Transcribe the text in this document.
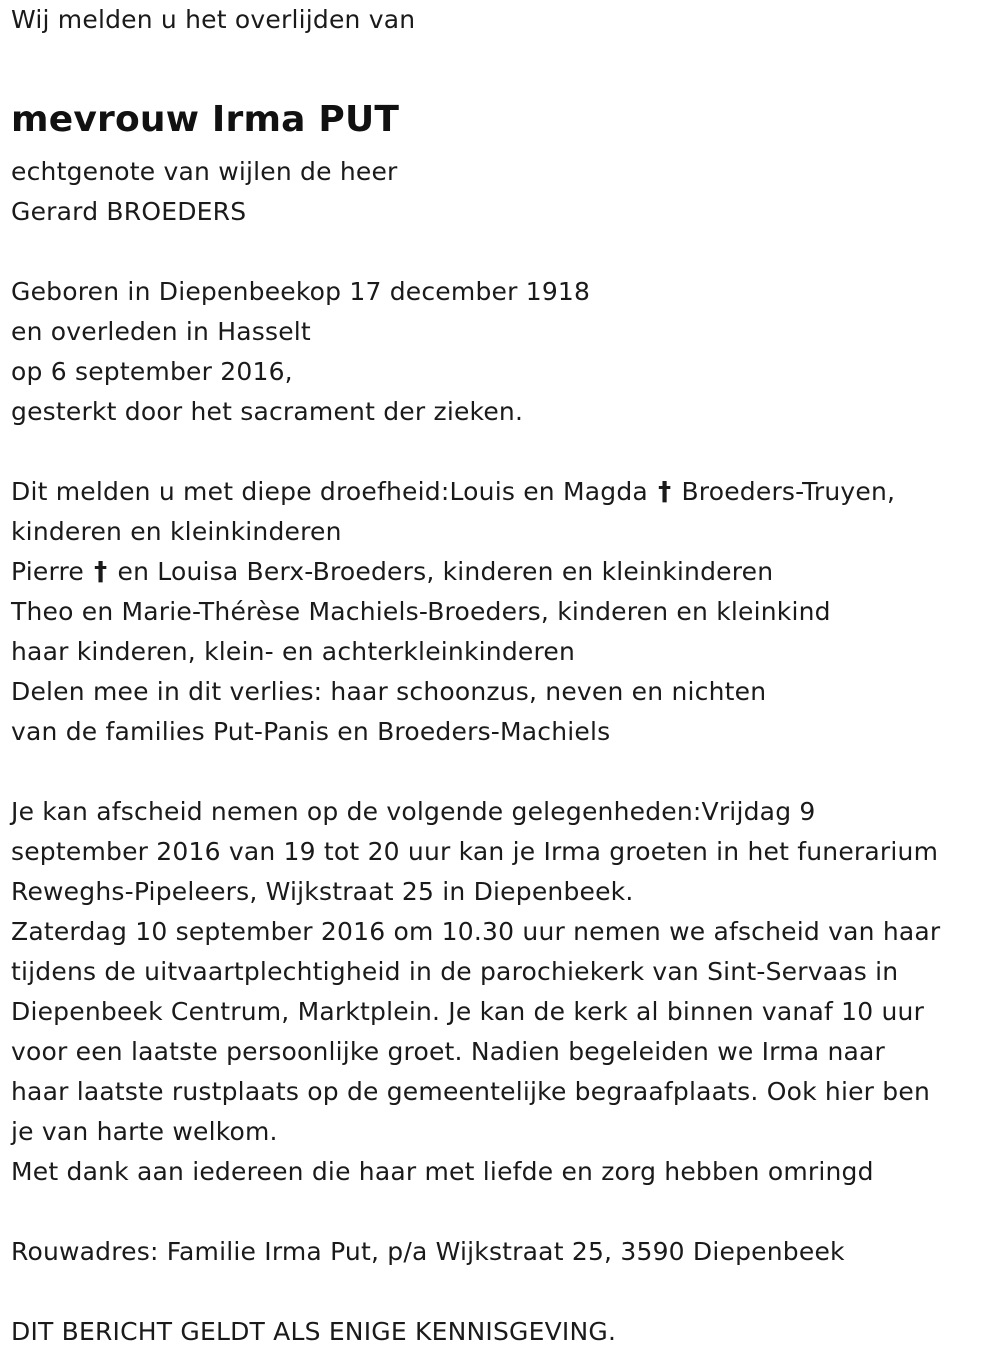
Wij melden u het overlijden van
mevrouw Irma PUT
echtgenote van wijlen de heer
Gerard BROEDERS
Geboren in Diepenbeekop 17 december 1918
en overleden in Hasselt
op 6 september 2016,
gesterkt door het sacrament der zieken.
Dit melden u met diepe droefheid:Louis en Magda † Broeders-Truyen,
kinderen en kleinkinderen
Pierre † en Louisa Berx-Broeders, kinderen en kleinkinderen
Theo en Marie-Thérèse Machiels-Broeders, kinderen en kleinkind
haar kinderen, klein- en achterkleinkinderen
Delen mee in dit verlies: haar schoonzus, neven en nichten
van de families Put-Panis en Broeders-Machiels
Je kan afscheid nemen op de volgende gelegenheden:Vrijdag 9
september 2016 van 19 tot 20 uur kan je Irma groeten in het funerarium
Reweghs-Pipeleers, Wijkstraat 25 in Diepenbeek.
Zaterdag 10 september 2016 om 10.30 uur nemen we afscheid van haar
tijdens de uitvaartplechtigheid in de parochiekerk van Sint-Servaas in
Diepenbeek Centrum, Marktplein. Je kan de kerk al binnen vanaf 10 uur
voor een laatste persoonlijke groet. Nadien begeleiden we Irma naar
haar laatste rustplaats op de gemeentelijke begraafplaats. Ook hier ben
je van harte welkom.
Met dank aan iedereen die haar met liefde en zorg hebben omringd
Rouwadres: Familie Irma Put, p/a Wijkstraat 25, 3590 Diepenbeek
DIT BERICHT GELDT ALS ENIGE KENNISGEVING.
